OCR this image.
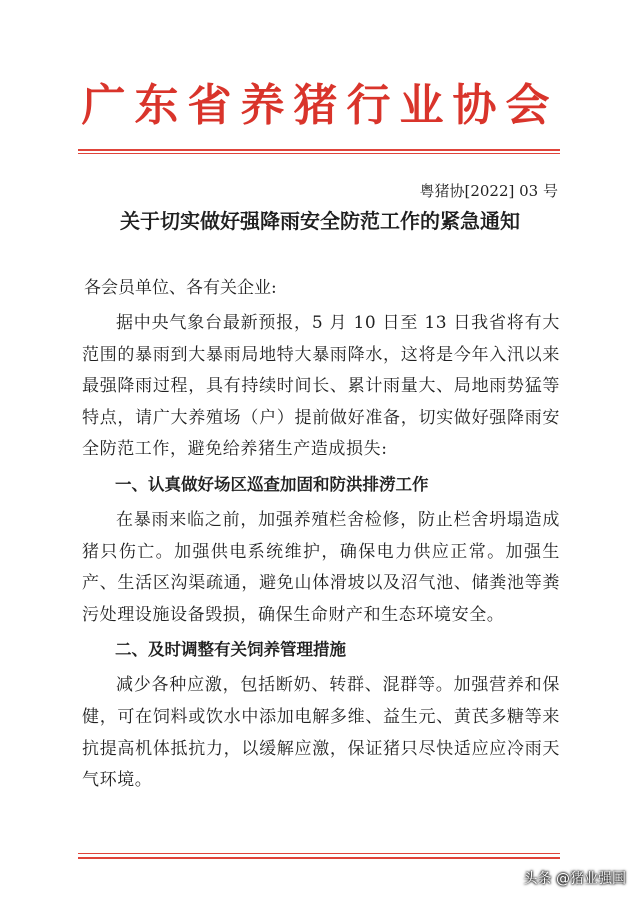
广东省养猪行业协会
粤猪协[2022] 03 号
关于切实做好强降雨安全防范工作的紧急通知
各会员单位、各有关企业:

据中央气象台最新预报，5 月 10 日至 13 日我省将有大范围的暴雨到大暴雨局地特大暴雨降水，这将是今年入汛以来最强降雨过程，具有持续时间长、累计雨量大、局地雨势猛等特点，请广大养殖场（户）提前做好准备，切实做好强降雨安全防范工作，避免给养猪生产造成损失:

一、认真做好场区巡查加固和防洪排涝工作

在暴雨来临之前，加强养殖栏舍检修，防止栏舍坍塌造成猪只伤亡。加强供电系统维护，确保电力供应正常。加强生产、生活区沟渠疏通，避免山体滑坡以及沼气池、储粪池等粪污处理设施设备毁损，确保生命财产和生态环境安全。

二、及时调整有关饲养管理措施

减少各种应激，包括断奶、转群、混群等。加强营养和保健，可在饲料或饮水中添加电解多维、益生元、黄芪多糖等来抗提高机体抵抗力，以缓解应激，保证猪只尽快适应应冷雨天气环境。

头条 @猪业强国
